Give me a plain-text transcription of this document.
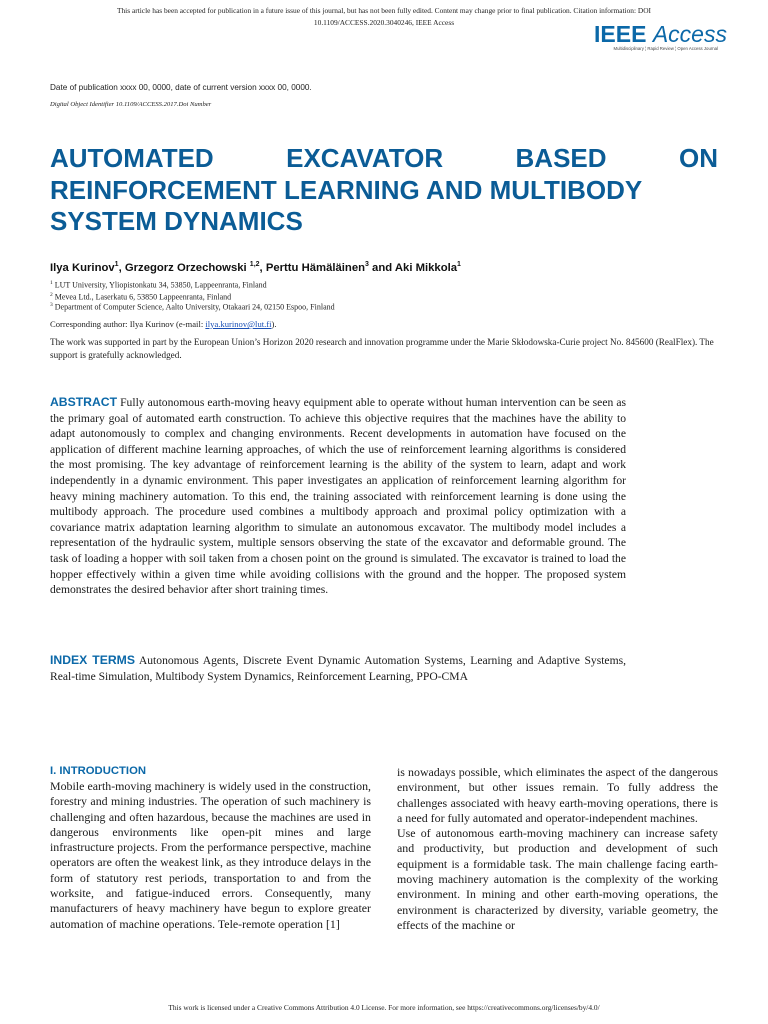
This article has been accepted for publication in a future issue of this journal, but has not been fully edited. Content may change prior to final publication. Citation information: DOI
10.1109/ACCESS.2020.3040246, IEEE Access	IEEE Access
Multidisciplinary ¦ Rapid Review ¦ Open Access Journal
Date of publication xxxx 00, 0000, date of current version xxxx 00, 0000.
Digital Object Identifier 10.1109/ACCESS.2017.Doi Number
AUTOMATED	EXCAVATOR	BASED	ON
REINFORCEMENT LEARNING AND MULTIBODY
SYSTEM DYNAMICS
Ilya Kurinov$^1$, Grzegorz Orzechowski $^{1,2}$, Perttu Hämäläinen$^3$ and Aki Mikkola$^1$
$^1$ LUT University, Yliopistonkatu 34, 53850, Lappeenranta, Finland
$^2$ Mevea Ltd., Laserkatu 6, 53850 Lappeenranta, Finland
$^3$ Department of Computer Science, Aalto University, Otakaari 24, 02150 Espoo, Finland
Corresponding author: Ilya Kurinov (e-mail: ilya.kurinov@lut.fi).
The work was supported in part by the European Union’s Horizon 2020 research and innovation programme under the Marie Skłodowska-Curie project No. 845600 (RealFlex). The support is gratefully acknowledged.
ABSTRACT Fully autonomous earth-moving heavy equipment able to operate without human intervention can be seen as the primary goal of automated earth construction. To achieve this objective requires that the machines have the ability to adapt autonomously to complex and changing environments. Recent developments in automation have focused on the application of different machine learning approaches, of which the use of reinforcement learning algorithms is considered the most promising. The key advantage of reinforcement learning is the ability of the system to learn, adapt and work independently in a dynamic environment. This paper investigates an application of reinforcement learning algorithm for heavy mining machinery automation. To this end, the training associated with reinforcement learning is done using the multibody approach. The procedure used combines a multibody approach and proximal policy optimization with a covariance matrix adaptation learning algorithm to simulate an autonomous excavator. The multibody model includes a representation of the hydraulic system, multiple sensors observing the state of the excavator and deformable ground. The task of loading a hopper with soil taken from a chosen point on the ground is simulated. The excavator is trained to load the hopper effectively within a given time while avoiding collisions with the ground and the hopper. The proposed system demonstrates the desired behavior after short training times.
INDEX TERMS Autonomous Agents, Discrete Event Dynamic Automation Systems, Learning and Adaptive Systems, Real-time Simulation, Multibody System Dynamics, Reinforcement Learning, PPO-CMA
I. INTRODUCTION

Mobile earth-moving machinery is widely used in the construction, forestry and mining industries. The operation of such machinery is challenging and often hazardous, because the machines are used in dangerous environments like open-pit mines and large infrastructure projects. From the performance perspective, machine operators are often the weakest link, as they introduce delays in the form of statutory rest periods, transportation to and from the worksite, and fatigue-induced errors. Consequently, many manufacturers of heavy machinery have begun to explore greater automation of machine operations. Tele-remote operation [1]

is nowadays possible, which eliminates the aspect of the dangerous environment, but other issues remain. To fully address the challenges associated with heavy earth-moving operations, there is a need for fully automated and operator-independent machines.

Use of autonomous earth-moving machinery can increase safety and productivity, but production and development of such equipment is a formidable task. The main challenge facing earth-moving machinery automation is the complexity of the working environment. In mining and other earth-moving operations, the environment is characterized by diversity, variable geometry, the effects of the machine or

This work is licensed under a Creative Commons Attribution 4.0 License. For more information, see https://creativecommons.org/licenses/by/4.0/
